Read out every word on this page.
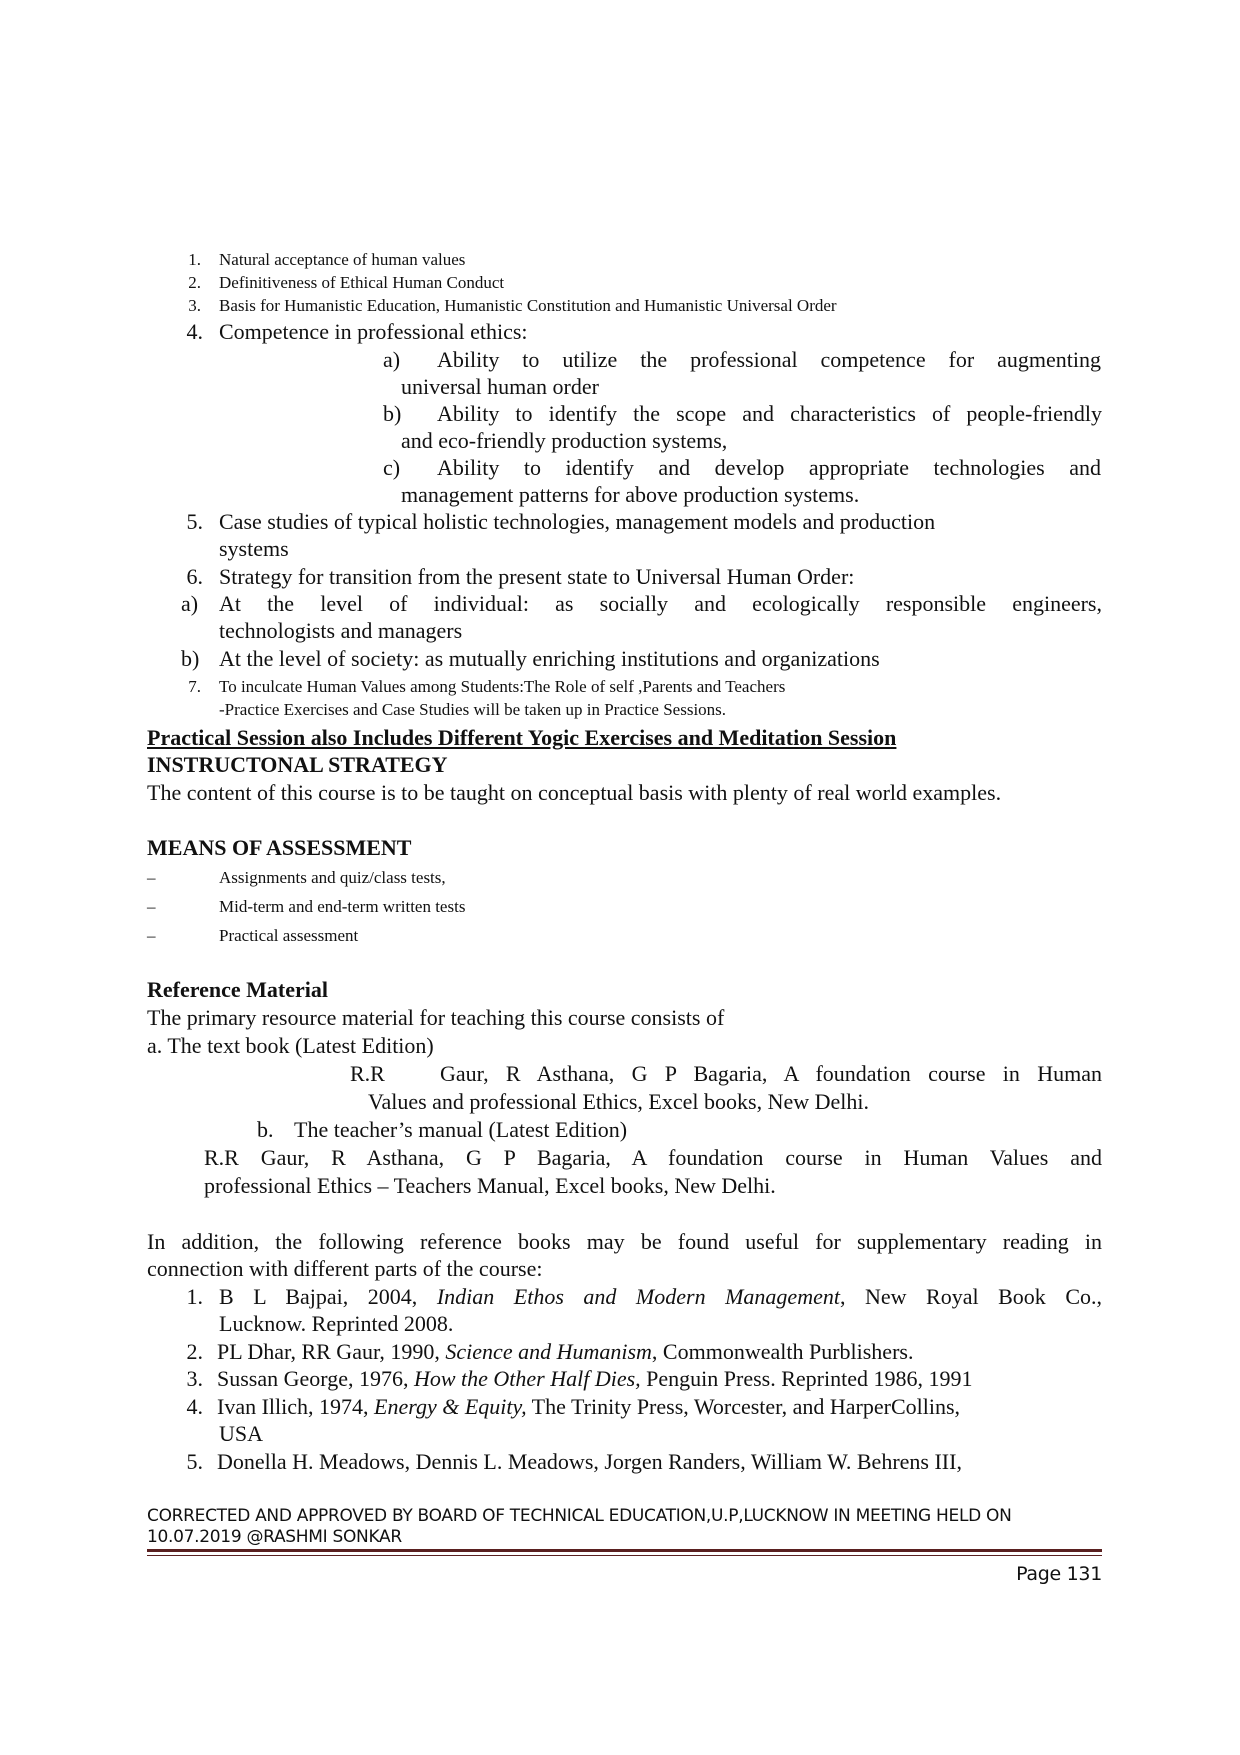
1. Natural acceptance of human values
2. Definitiveness of Ethical Human Conduct
3. Basis for Humanistic Education, Humanistic Constitution and Humanistic Universal Order
4. Competence in professional ethics:
a) Ability to utilize the professional competence for augmenting
universal human order
b) Ability to identify the scope and characteristics of people-friendly
and eco-friendly production systems,
c) Ability to identify and develop appropriate technologies and
management patterns for above production systems.
5. Case studies of typical holistic technologies, management models and production
systems
6. Strategy for transition from the present state to Universal Human Order:
a) At the level of individual: as socially and ecologically responsible engineers,
technologists and managers
b) At the level of society: as mutually enriching institutions and organizations
7. To inculcate Human Values among Students:The Role of self ,Parents and Teachers
-Practice Exercises and Case Studies will be taken up in Practice Sessions.
Practical Session also Includes Different Yogic Exercises and Meditation Session
INSTRUCTONAL STRATEGY
The content of this course is to be taught on conceptual basis with plenty of real world examples.
MEANS OF ASSESSMENT
–	Assignments and quiz/class tests,
–	Mid-term and end-term written tests
–	Practical assessment
Reference Material
The primary resource material for teaching this course consists of
a. The text book (Latest Edition)
R.R	Gaur, R Asthana, G P Bagaria, A foundation course in Human
Values and professional Ethics, Excel books, New Delhi.
b. The teacher’s manual (Latest Edition)
R.R Gaur, R Asthana, G P Bagaria, A foundation course in Human Values and
professional Ethics – Teachers Manual, Excel books, New Delhi.
In addition, the following reference books may be found useful for supplementary reading in
connection with different parts of the course:
1. B L Bajpai, 2004, Indian Ethos and Modern Management, New Royal Book Co.,
Lucknow. Reprinted 2008.
2. PL Dhar, RR Gaur, 1990, Science and Humanism, Commonwealth Purblishers.
3. Sussan George, 1976, How the Other Half Dies, Penguin Press. Reprinted 1986, 1991
4. Ivan Illich, 1974, Energy & Equity, The Trinity Press, Worcester, and HarperCollins,
USA
5. Donella H. Meadows, Dennis L. Meadows, Jorgen Randers, William W. Behrens III,
CORRECTED AND APPROVED BY BOARD OF TECHNICAL EDUCATION,U.P,LUCKNOW IN MEETING HELD ON
10.07.2019 @RASHMI SONKAR
Page 131
